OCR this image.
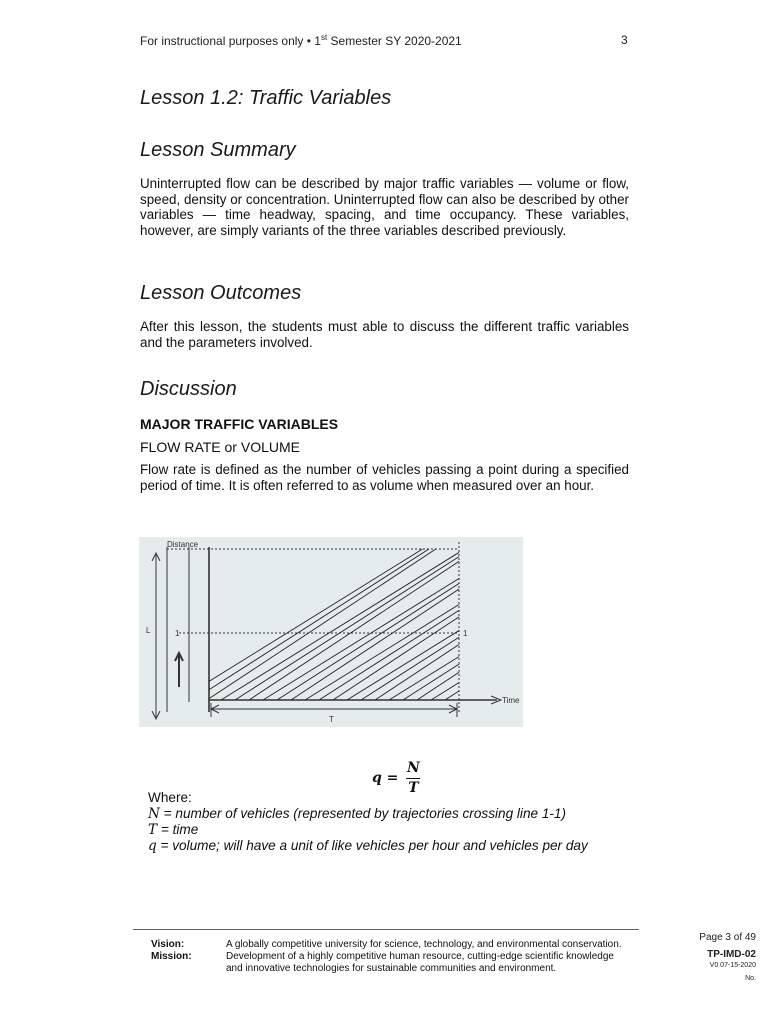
For instructional purposes only • 1st Semester SY 2020-2021	3
Lesson 1.2: Traffic Variables
Lesson Summary
Uninterrupted flow can be described by major traffic variables — volume or flow, speed, density or concentration. Uninterrupted flow can also be described by other variables — time headway, spacing, and time occupancy. These variables, however, are simply variants of the three variables described previously.
Lesson Outcomes
After this lesson, the students must able to discuss the different traffic variables and the parameters involved.
Discussion
MAJOR TRAFFIC VARIABLES
FLOW RATE or VOLUME
Flow rate is defined as the number of vehicles passing a point during a specified period of time. It is often referred to as volume when measured over an hour.
Distance
Time
L	1	1
T
$q = \frac{N}{T}$
Where:
N = number of vehicles (represented by trajectories crossing line 1-1)
T = time
q = volume; will have a unit of like vehicles per hour and vehicles per day
Vision:	A globally competitive university for science, technology, and environmental conservation.
Mission:	Development of a highly competitive human resource, cutting-edge scientific knowledge
and innovative technologies for sustainable communities and environment.
Page 3 of 49
TP-IMD-02
V0 07-15-2020
No.
